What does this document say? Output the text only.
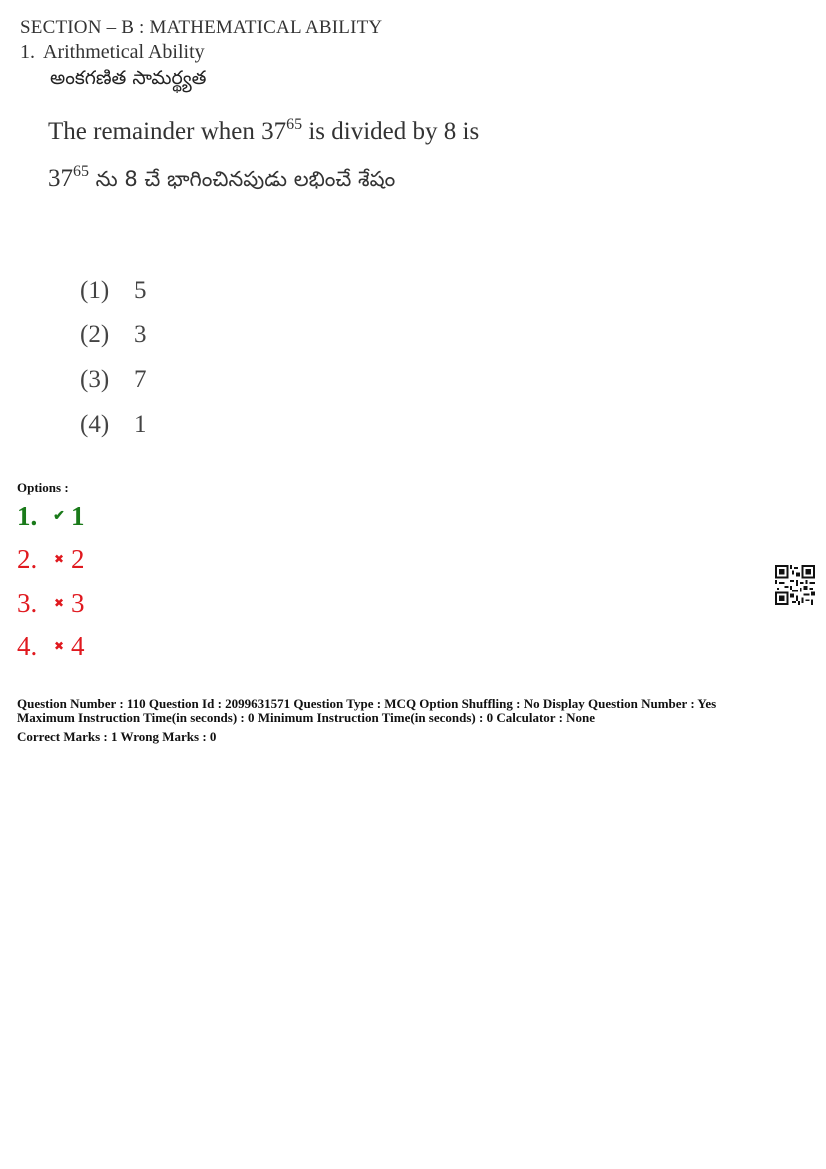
SECTION – B : MATHEMATICAL ABILITY
1. Arithmetical Ability
అంకగణిత సామర్థ్యత
The remainder when $37^{65}$ is divided by 8 is
$37^{65}$ ను 8 చే భాగించినపుడు లభించే శేషం
(1) 5
(2) 3
(3) 7
(4) 1
Options :
1.	✔ 1
2.	✖ 2
3.	✖ 3
4.	✖ 4
Question Number : 110 Question Id : 2099631571 Question Type : MCQ Option Shuffling : No Display Question Number : Yes
Maximum Instruction Time(in seconds) : 0 Minimum Instruction Time(in seconds) : 0 Calculator : None
Correct Marks : 1 Wrong Marks : 0
